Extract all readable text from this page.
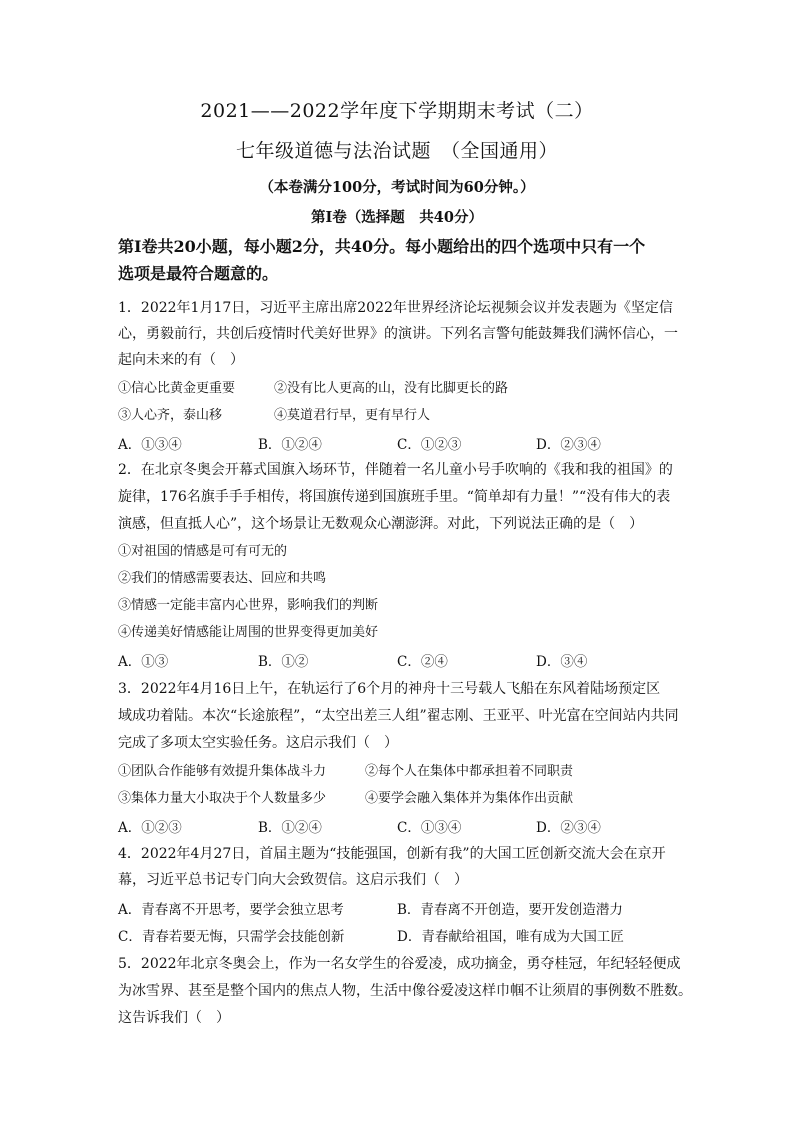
2021——2022学年度下学期期末考试（二）
七年级道德与法治试题　（全国通用）
（本卷满分100分，考试时间为60分钟。）
第I卷（选择题　共40分）
第I卷共20小题，每小题2分，共40分。每小题给出的四个选项中只有一个
选项是最符合题意的。
1．2022年1月17日，习近平主席出席2022年世界经济论坛视频会议并发表题为《坚定信
心，勇毅前行，共创后疫情时代美好世界》的演讲。下列名言警句能鼓舞我们满怀信心，一
起向未来的有（　）
①信心比黄金更重要　　　②没有比人更高的山，没有比脚更长的路
③人心齐，泰山移　　　　④莫道君行早，更有早行人
A．①③④	B．①②④	C．①②③	D．②③④
2．在北京冬奥会开幕式国旗入场环节，伴随着一名儿童小号手吹响的《我和我的祖国》的
旋律，176名旗手手手相传，将国旗传递到国旗班手里。“简单却有力量！”“没有伟大的表
演感，但直抵人心”，这个场景让无数观众心潮澎湃。对此，下列说法正确的是（　）
①对祖国的情感是可有可无的
②我们的情感需要表达、回应和共鸣
③情感一定能丰富内心世界，影响我们的判断
④传递美好情感能让周围的世界变得更加美好
A．①③	B．①②	C．②④	D．③④
3．2022年4月16日上午，在轨运行了6个月的神舟十三号载人飞船在东风着陆场预定区
域成功着陆。本次“长途旅程”，“太空出差三人组”翟志刚、王亚平、叶光富在空间站内共同
完成了多项太空实验任务。这启示我们（　）
①团队合作能够有效提升集体战斗力　　　②每个人在集体中都承担着不同职责
③集体力量大小取决于个人数量多少　　　④要学会融入集体并为集体作出贡献
A．①②③	B．①②④	C．①③④	D．②③④
4．2022年4月27日，首届主题为“技能强国，创新有我”的大国工匠创新交流大会在京开
幕，习近平总书记专门向大会致贺信。这启示我们（　）
A．青春离不开思考，要学会独立思考	B．青春离不开创造，要开发创造潜力
C．青春若要无悔，只需学会技能创新	D．青春献给祖国，唯有成为大国工匠
5．2022年北京冬奥会上，作为一名女学生的谷爱凌，成功摘金，勇夺桂冠，年纪轻轻便成
为冰雪界、甚至是整个国内的焦点人物，生活中像谷爱凌这样巾帼不让须眉的事例数不胜数。
这告诉我们（　）
